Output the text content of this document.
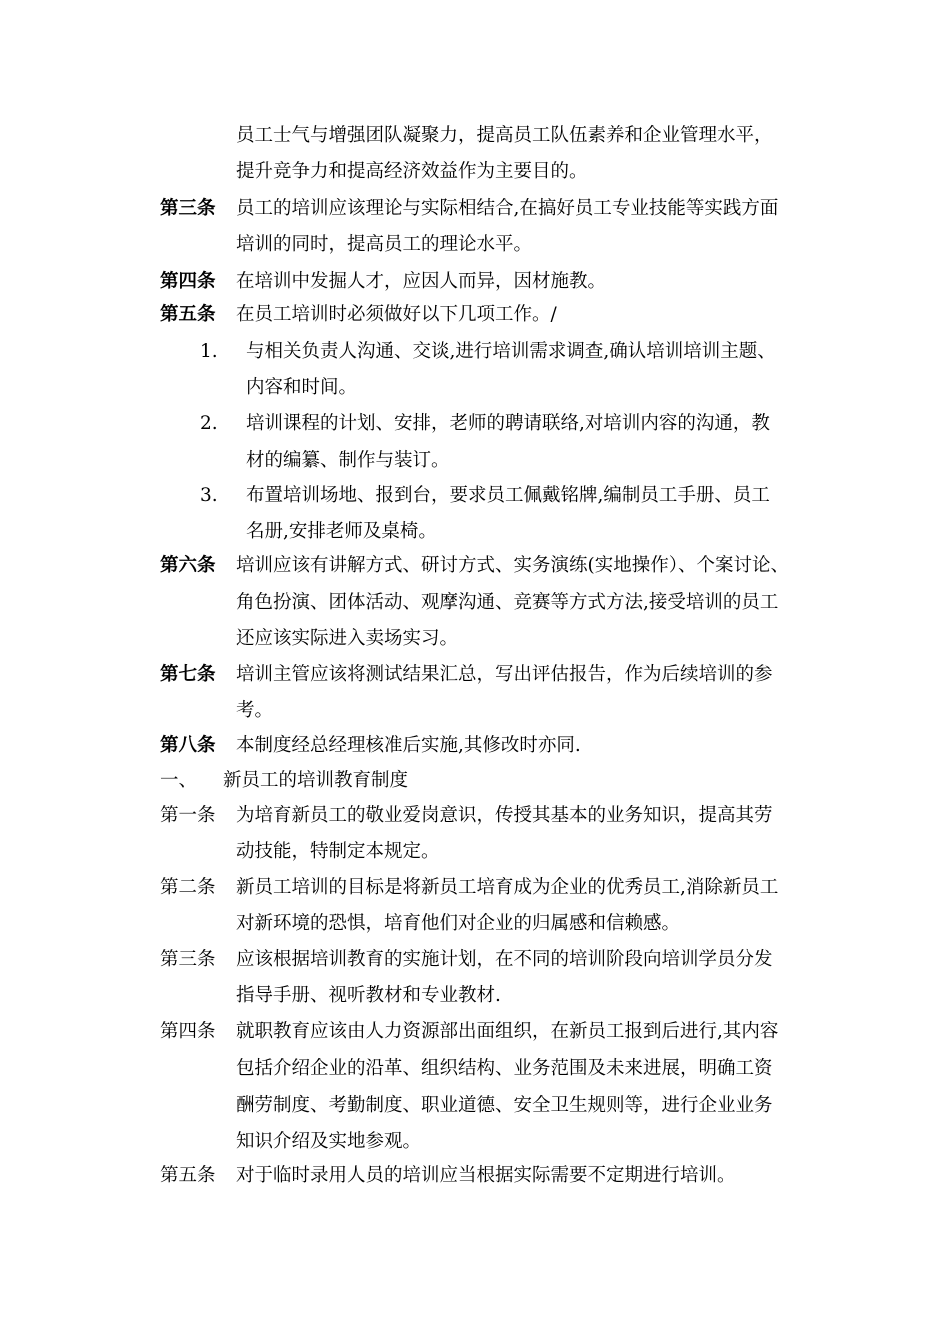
员工士气与增强团队凝聚力，提高员工队伍素养和企业管理水平，
提升竞争力和提高经济效益作为主要目的。
第三条 员工的培训应该理论与实际相结合,在搞好员工专业技能等实践方面
培训的同时，提高员工的理论水平。
第四条 在培训中发掘人才，应因人而异，因材施教。
第五条 在员工培训时必须做好以下几项工作。/
1. 与相关负责人沟通、交谈,进行培训需求调查,确认培训培训主题、
内容和时间。
2. 培训课程的计划、安排，老师的聘请联络,对培训内容的沟通，教
材的编纂、制作与装订。
3. 布置培训场地、报到台，要求员工佩戴铭牌,编制员工手册、员工
名册,安排老师及桌椅。
第六条 培训应该有讲解方式、研讨方式、实务演练(实地操作）、个案讨论、
角色扮演、团体活动、观摩沟通、竞赛等方式方法,接受培训的员工
还应该实际进入卖场实习。
第七条 培训主管应该将测试结果汇总，写出评估报告，作为后续培训的参
考。
第八条 本制度经总经理核准后实施,其修改时亦同.
一、 新员工的培训教育制度
第一条 为培育新员工的敬业爱岗意识，传授其基本的业务知识，提高其劳
动技能，特制定本规定。
第二条 新员工培训的目标是将新员工培育成为企业的优秀员工,消除新员工
对新环境的恐惧，培育他们对企业的归属感和信赖感。
第三条 应该根据培训教育的实施计划，在不同的培训阶段向培训学员分发
指导手册、视听教材和专业教材.
第四条 就职教育应该由人力资源部出面组织，在新员工报到后进行,其内容
包括介绍企业的沿革、组织结构、业务范围及未来进展，明确工资
酬劳制度、考勤制度、职业道德、安全卫生规则等，进行企业业务
知识介绍及实地参观。
第五条 对于临时录用人员的培训应当根据实际需要不定期进行培训。
